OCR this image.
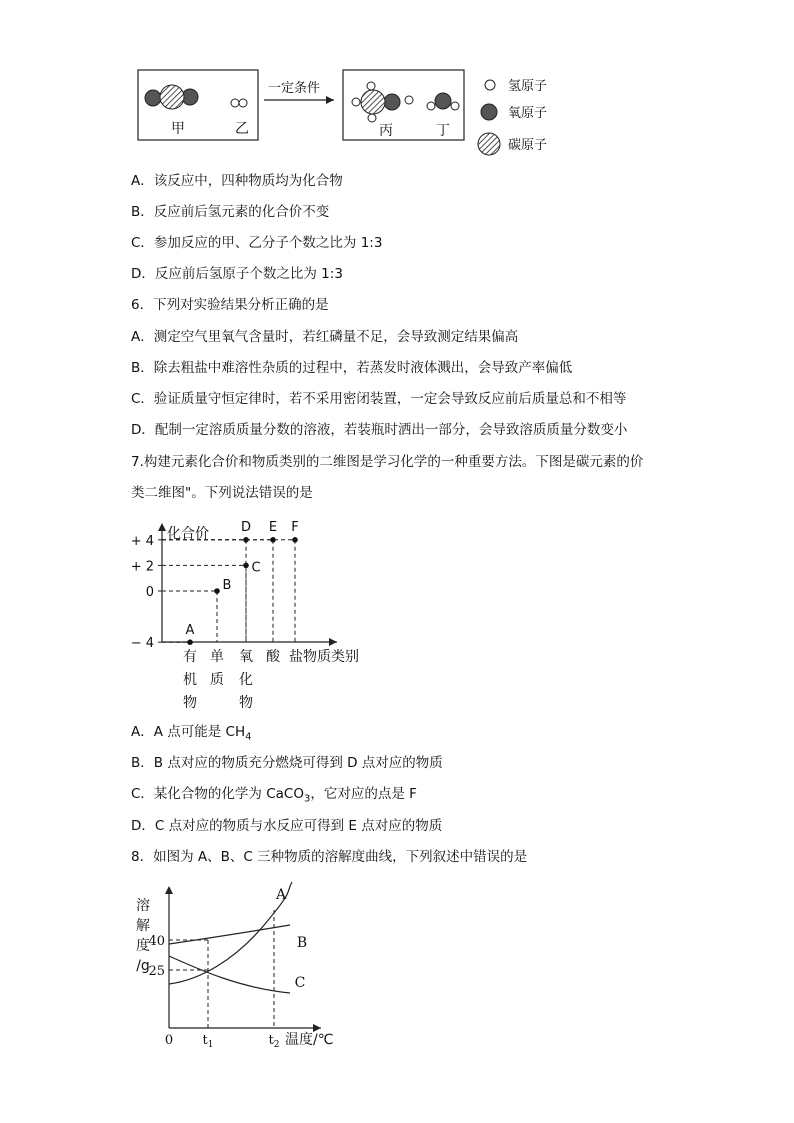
甲	乙
一定条件
丙	丁
氢原子
氧原子
碳原子
A．该反应中，四种物质均为化合物
B．反应前后氢元素的化合价不变
C．参加反应的甲、乙分子个数之比为 1:3
D．反应前后氢原子个数之比为 1:3
6．下列对实验结果分析正确的是
A．测定空气里氧气含量时，若红磷量不足，会导致测定结果偏高
B．除去粗盐中难溶性杂质的过程中，若蒸发时液体溅出，会导致产率偏低
C．验证质量守恒定律时，若不采用密闭装置，一定会导致反应前后质量总和不相等
D．配制一定溶质质量分数的溶液，若装瓶时洒出一部分，会导致溶质质量分数变小
7.构建元素化合价和物质类别的二维图是学习化学的一种重要方法。下图是碳元素的价
类二维图"。下列说法错误的是
化合价
盐 物质类别
+ 4
+ 2
0
− 4
有
机
物
单
质
氧
化
物
酸
A
B
C
D E F
A．A 点可能是 $CH_4$
B．B 点对应的物质充分燃烧可得到 D 点对应的物质
C．某化合物的化学为 CaCO$_3$，它对应的点是 F
D．C 点对应的物质与水反应可得到 E 点对应的物质
8．如图为 A、B、C 三种物质的溶解度曲线，下列叙述中错误的是
溶
解
度
/g
温度/℃
40
25
0 $t_1$	$t_2$
A
B
C
